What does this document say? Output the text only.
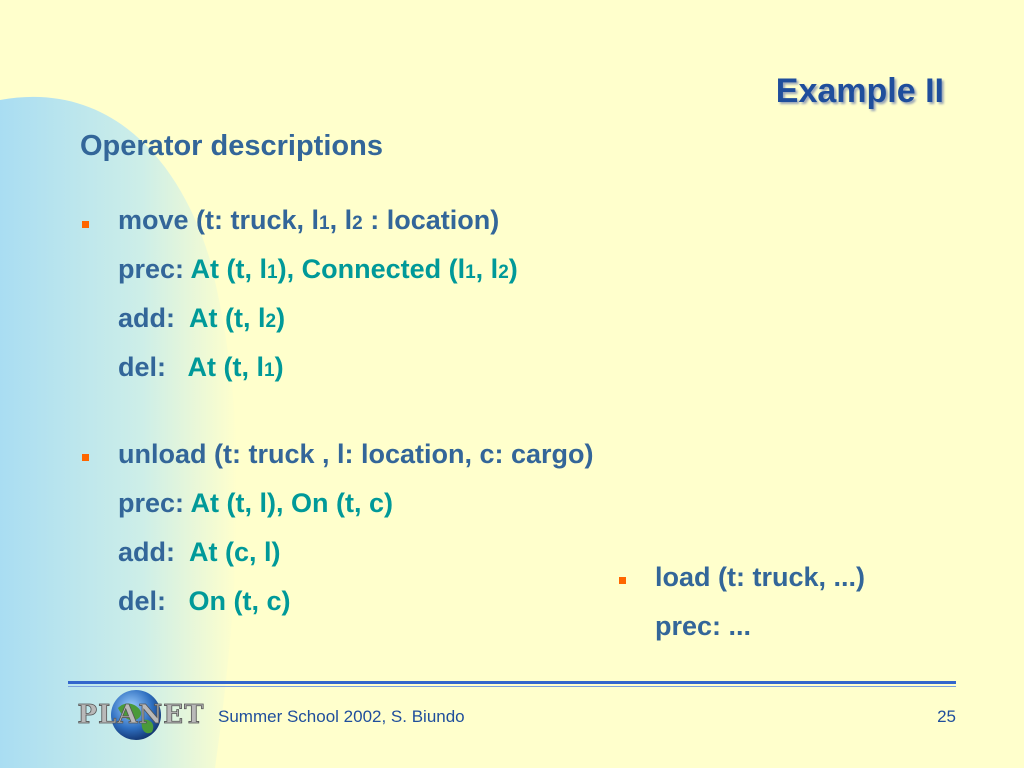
Example II
Operator descriptions
move (t: truck, l1, l2 : location)
prec: At (t, l1), Connected (l1, l2)
add:  At (t, l2)
del:   At (t, l1)
unload (t: truck , l: location, c: cargo)
prec: At (t, l), On (t, c)
add:  At (c, l)
del:   On (t, c)
load (t: truck, ...)
prec: ...
PLANET Summer School 2002, S. Biundo	25
